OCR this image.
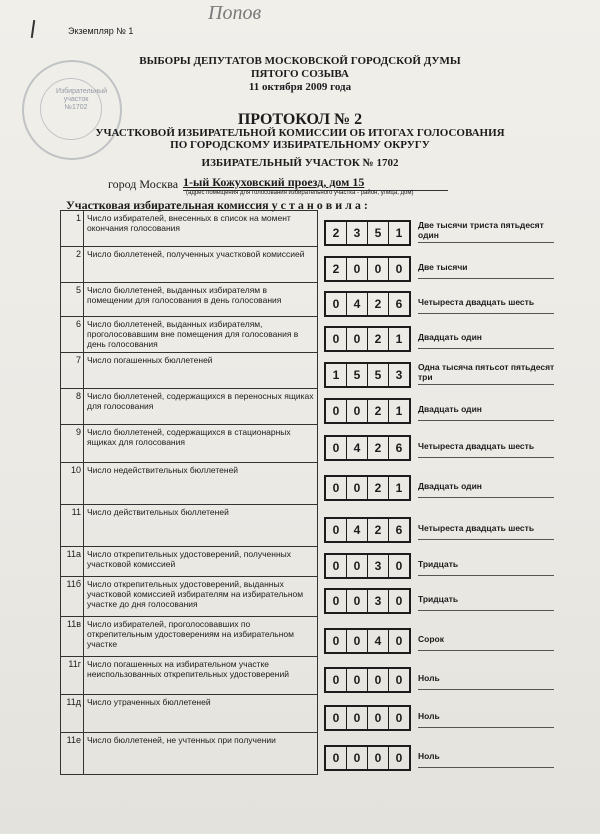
Попов
Экземпляр № 1
Избирательный участок №1702
ВЫБОРЫ ДЕПУТАТОВ МОСКОВСКОЙ ГОРОДСКОЙ ДУМЫ
ПЯТОГО СОЗЫВА
11 октября 2009 года
ПРОТОКОЛ № 2
УЧАСТКОВОЙ ИЗБИРАТЕЛЬНОЙ КОМИССИИ ОБ ИТОГАХ ГОЛОСОВАНИЯ
ПО ГОРОДСКОМУ ИЗБИРАТЕЛЬНОМУ ОКРУГУ
ИЗБИРАТЕЛЬНЫЙ УЧАСТОК № 1702
город Москва 1-ый Кожуховский проезд, дом 15
(адрес помещения для голосования избирательного участка - район, улица, дом)
Участковая избирательная комиссия у с т а н о в и л а :
1	Число избирателей, внесенных в список на момент окончания голосования	2 3 5 1
Две тысячи триста пятьдесят один

2	Число бюллетеней, полученных участковой комиссией	2 0 0 0 Две тысячи

5	Число бюллетеней, выданных избирателям в помещении для голосования в день голосования	0 4 2 6 Четыреста двадцать шесть

6	Число бюллетеней, выданных избирателям, проголосовавшим вне помещения для голосования в день голосования	0 0 2 1 Двадцать один

7	Число погашенных бюллетеней	1 5 5 3
Одна тысяча пятьсот пятьдесят три

8	Число бюллетеней, содержащихся в переносных ящиках для голосования	0 0 2 1 Двадцать один

9	Число бюллетеней, содержащихся в стационарных ящиках для голосования	0 4 2 6 Четыреста двадцать шесть

10	Число недействительных бюллетеней	0 0 2 1 Двадцать один

11	Число действительных бюллетеней	0 4 2 6 Четыреста двадцать шесть

11а	Число открепительных удостоверений, полученных участковой комиссией	0 0 3 0 Тридцать

11б	Число открепительных удостоверений, выданных участковой комиссией избирателям на избирательном участке до дня голосования	0 0 3 0 Тридцать

11в	Число избирателей, проголосовавших по открепительным удостоверениям на избирательном участке	0 0 4 0 Сорок

11г	Число погашенных на избирательном участке неиспользованных открепительных удостоверений	0 0 0 0 Ноль

11д	Число утраченных бюллетеней	0 0 0 0 Ноль

11е	Число бюллетеней, не учтенных при получении	0 0 0 0 Ноль
